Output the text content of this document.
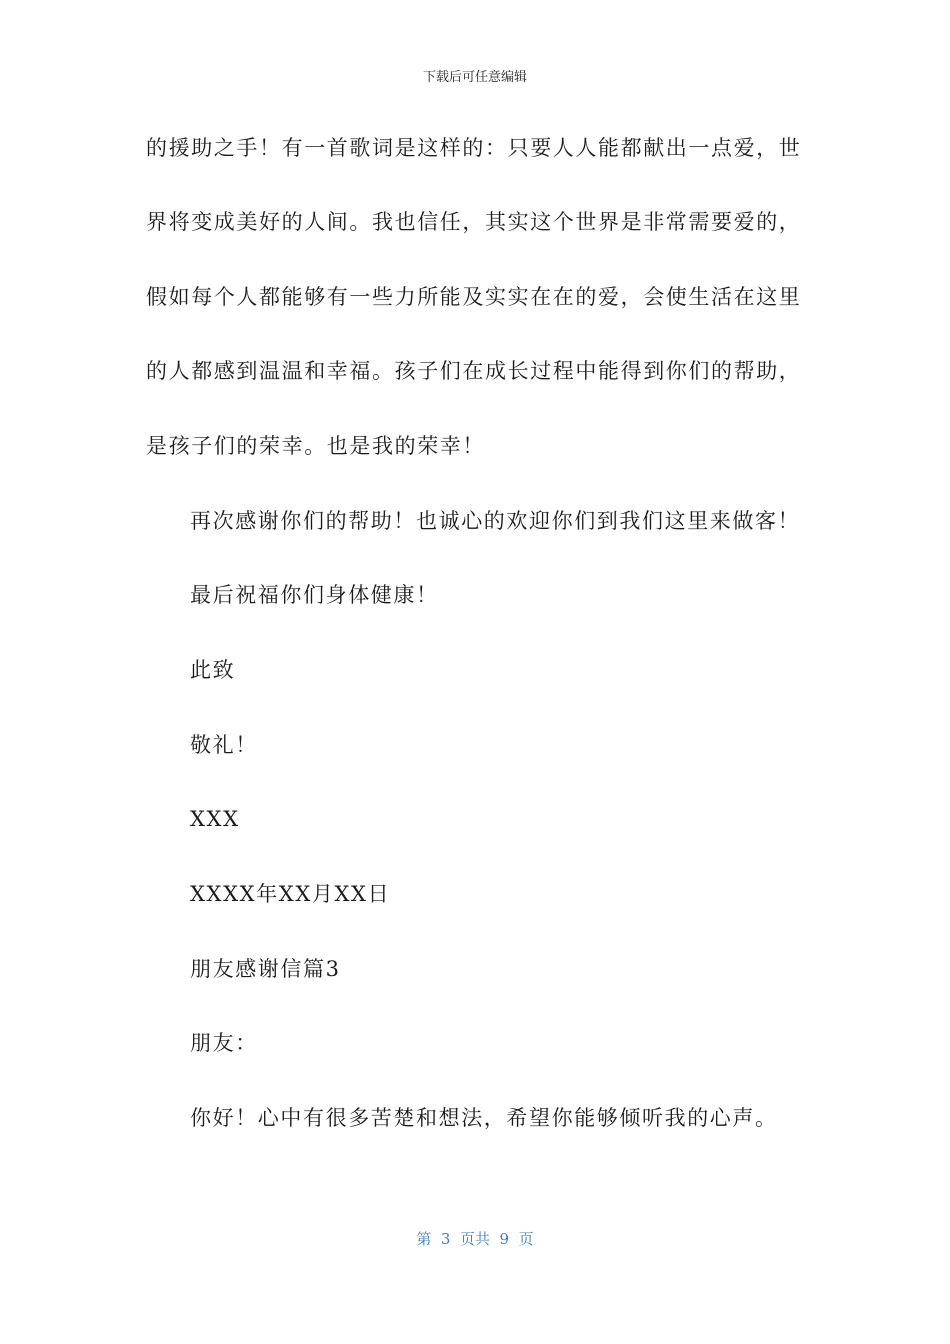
下载后可任意编辑
的援助之手！有一首歌词是这样的：只要人人能都献出一点爱，世
界将变成美好的人间。我也信任，其实这个世界是非常需要爱的，
假如每个人都能够有一些力所能及实实在在的爱，会使生活在这里
的人都感到温温和幸福。孩子们在成长过程中能得到你们的帮助，
是孩子们的荣幸。也是我的荣幸！
再次感谢你们的帮助！也诚心的欢迎你们到我们这里来做客！
最后祝福你们身体健康！
此致
敬礼！
XXX
XXXX年XX月XX日
朋友感谢信篇3
朋友：
你好！心中有很多苦楚和想法，希望你能够倾听我的心声。
第  3  页共  9  页
